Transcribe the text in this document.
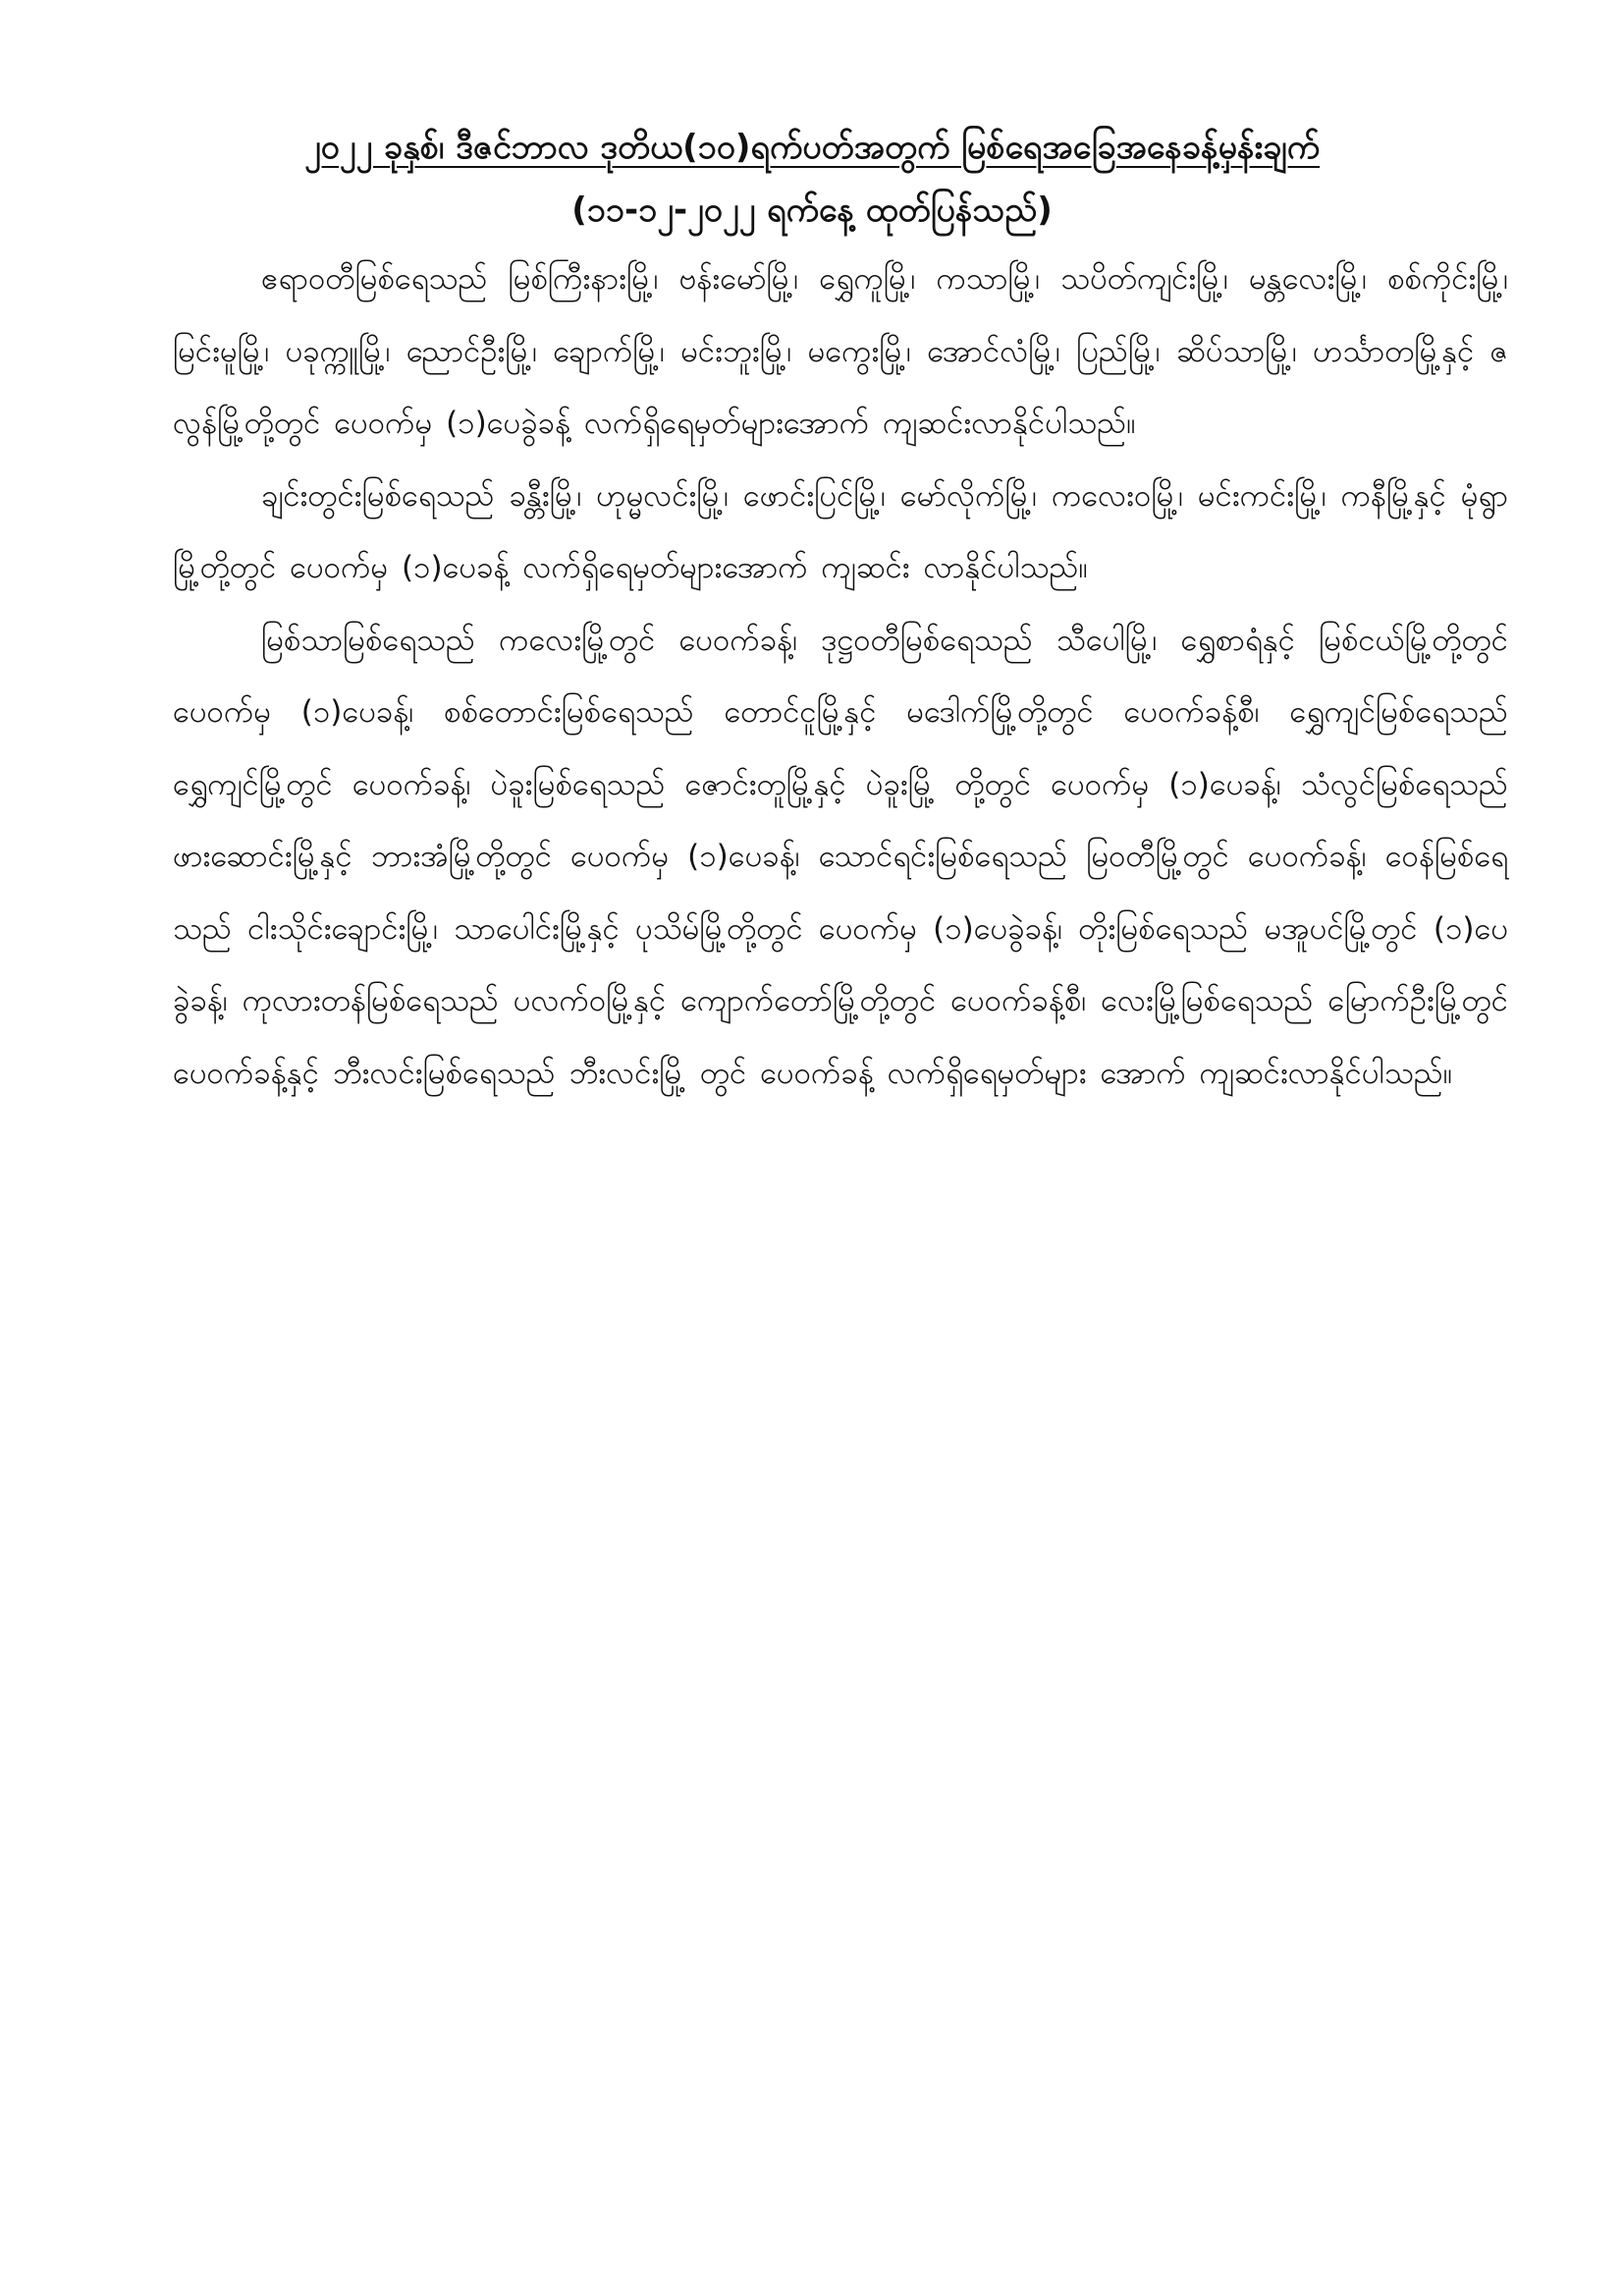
၂၀၂၂ ခုနှစ်၊ ဒီဇင်ဘာလ ဒုတိယ(၁၀)ရက်ပတ်အတွက် မြစ်ရေအခြေအနေခန့်မှန်းချက်
(၁၁-၁၂-၂၀၂၂ ရက်နေ့ ထုတ်ပြန်သည်)

ဧရာဝတီမြစ်ရေသည် မြစ်ကြီးနားမြို့၊ ဗန်းမော်မြို့၊ ရွှေကူမြို့၊ ကသာမြို့၊ သပိတ်ကျင်းမြို့၊ မန္တလေးမြို့၊ စစ်ကိုင်းမြို့၊ မြင်းမူမြို့၊ ပခုက္ကူမြို့၊ ညောင်ဦးမြို့၊ ချောက်မြို့၊ မင်းဘူးမြို့၊ မကွေးမြို့၊ အောင်လံမြို့၊ ပြည်မြို့၊ ဆိပ်သာမြို့၊ ဟင်္သာတမြို့နှင့် ဇလွန်မြို့တို့တွင် ပေ၀က်မှ (၁)ပေခွဲခန့် လက်ရှိရေမှတ်များအောက် ကျဆင်းလာနိုင်ပါသည်။

ချင်းတွင်းမြစ်ရေသည် ခန္တီးမြို့၊ ဟုမ္မလင်းမြို့၊ ဖောင်းပြင်မြို့၊ မော်လိုက်မြို့၊ ကလေးဝမြို့၊ မင်းကင်းမြို့၊ ကနီမြို့နှင့် မုံရွာမြို့တို့တွင် ပေ၀က်မှ (၁)ပေခန့် လက်ရှိရေမှတ်များအောက် ကျဆင်း လာနိုင်ပါသည်။

မြစ်သာမြစ်ရေသည် ကလေးမြို့တွင် ပေ၀က်ခန့်၊ ဒုဋ္ဌဝတီမြစ်ရေသည် သီပေါမြို့၊ ရွှေစာရံနှင့် မြစ်ငယ်မြို့တို့တွင် ပေ၀က်မှ (၁)ပေခန့်၊ စစ်တောင်းမြစ်ရေသည် တောင်ငူမြို့နှင့် မဒေါက်မြို့တို့တွင် ပေ၀က်ခန့်စီ၊ ရွှေကျင်မြစ်ရေသည် ရွှေကျင်မြို့တွင် ပေ၀က်ခန့်၊ ပဲခူးမြစ်ရေသည် ဇောင်းတူမြို့နှင့် ပဲခူးမြို့ တို့တွင် ပေ၀က်မှ (၁)ပေခန့်၊ သံလွင်မြစ်ရေသည် ဖားဆောင်းမြို့နှင့် ဘားအံမြို့တို့တွင် ပေ၀က်မှ (၁)ပေခန့်၊ သောင်ရင်းမြစ်ရေသည် မြဝတီမြို့တွင် ပေ၀က်ခန့်၊ ဝေန်မြစ်ရေသည် ငါးသိုင်းချောင်းမြို့၊ သာပေါင်းမြို့နှင့် ပုသိမ်မြို့တို့တွင် ပေ၀က်မှ (၁)ပေခွဲခန့်၊ တိုးမြစ်ရေသည် မအူပင်မြို့တွင် (၁)ပေခွဲခန့်၊ ကုလားတန်မြစ်ရေသည် ပလက်ဝမြို့နှင့် ကျောက်တော်မြို့တို့တွင် ပေ၀က်ခန့်စီ၊ လေးမြို့မြစ်ရေသည် မြောက်ဦးမြို့တွင် ပေ၀က်ခန့်နှင့် ဘီးလင်းမြစ်ရေသည် ဘီးလင်းမြို့ တွင် ပေ၀က်ခန့် လက်ရှိရေမှတ်များ အောက် ကျဆင်းလာနိုင်ပါသည်။
